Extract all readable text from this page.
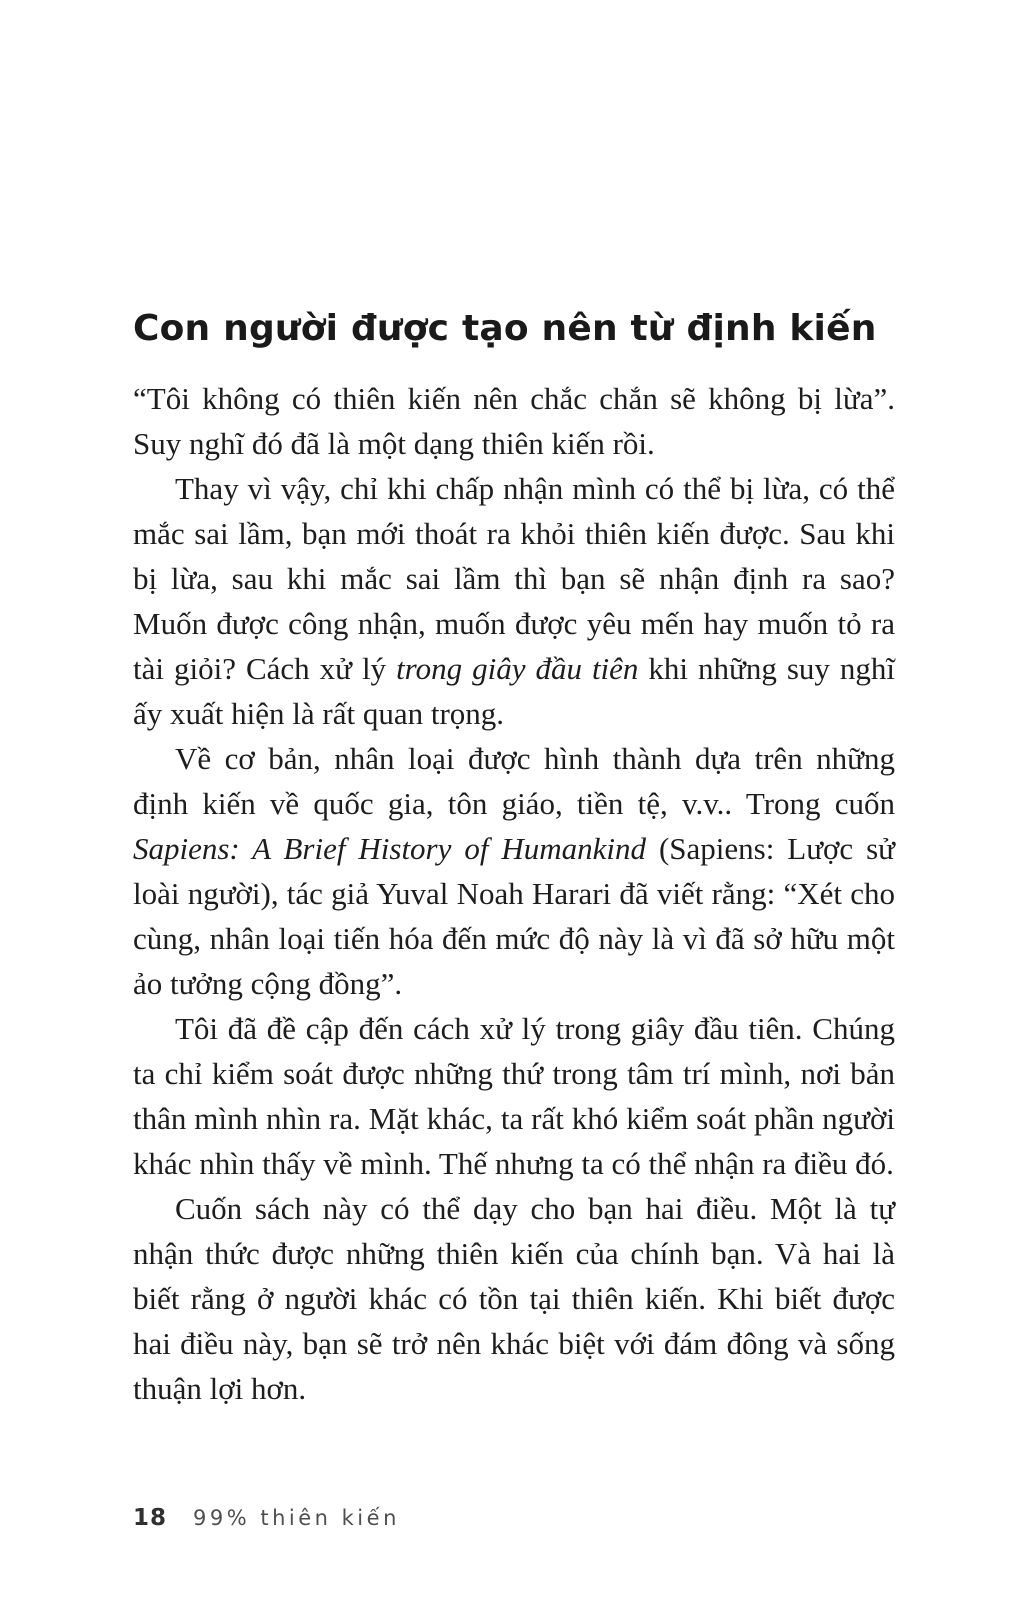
Con người được tạo nên từ định kiến

“Tôi không có thiên kiến nên chắc chắn sẽ không bị lừa”. Suy nghĩ đó đã là một dạng thiên kiến rồi.

Thay vì vậy, chỉ khi chấp nhận mình có thể bị lừa, có thể mắc sai lầm, bạn mới thoát ra khỏi thiên kiến được. Sau khi bị lừa, sau khi mắc sai lầm thì bạn sẽ nhận định ra sao? Muốn được công nhận, muốn được yêu mến hay muốn tỏ ra tài giỏi? Cách xử lý trong giây đầu tiên khi những suy nghĩ ấy xuất hiện là rất quan trọng.

Về cơ bản, nhân loại được hình thành dựa trên những định kiến về quốc gia, tôn giáo, tiền tệ, v.v.. Trong cuốn Sapiens: A Brief History of Humankind (Sapiens: Lược sử loài người), tác giả Yuval Noah Harari đã viết rằng: “Xét cho cùng, nhân loại tiến hóa đến mức độ này là vì đã sở hữu một ảo tưởng cộng đồng”.

Tôi đã đề cập đến cách xử lý trong giây đầu tiên. Chúng ta chỉ kiểm soát được những thứ trong tâm trí mình, nơi bản thân mình nhìn ra. Mặt khác, ta rất khó kiểm soát phần người khác nhìn thấy về mình. Thế nhưng ta có thể nhận ra điều đó.

Cuốn sách này có thể dạy cho bạn hai điều. Một là tự nhận thức được những thiên kiến của chính bạn. Và hai là biết rằng ở người khác có tồn tại thiên kiến. Khi biết được hai điều này, bạn sẽ trở nên khác biệt với đám đông và sống thuận lợi hơn.

18 99% thiên kiến
